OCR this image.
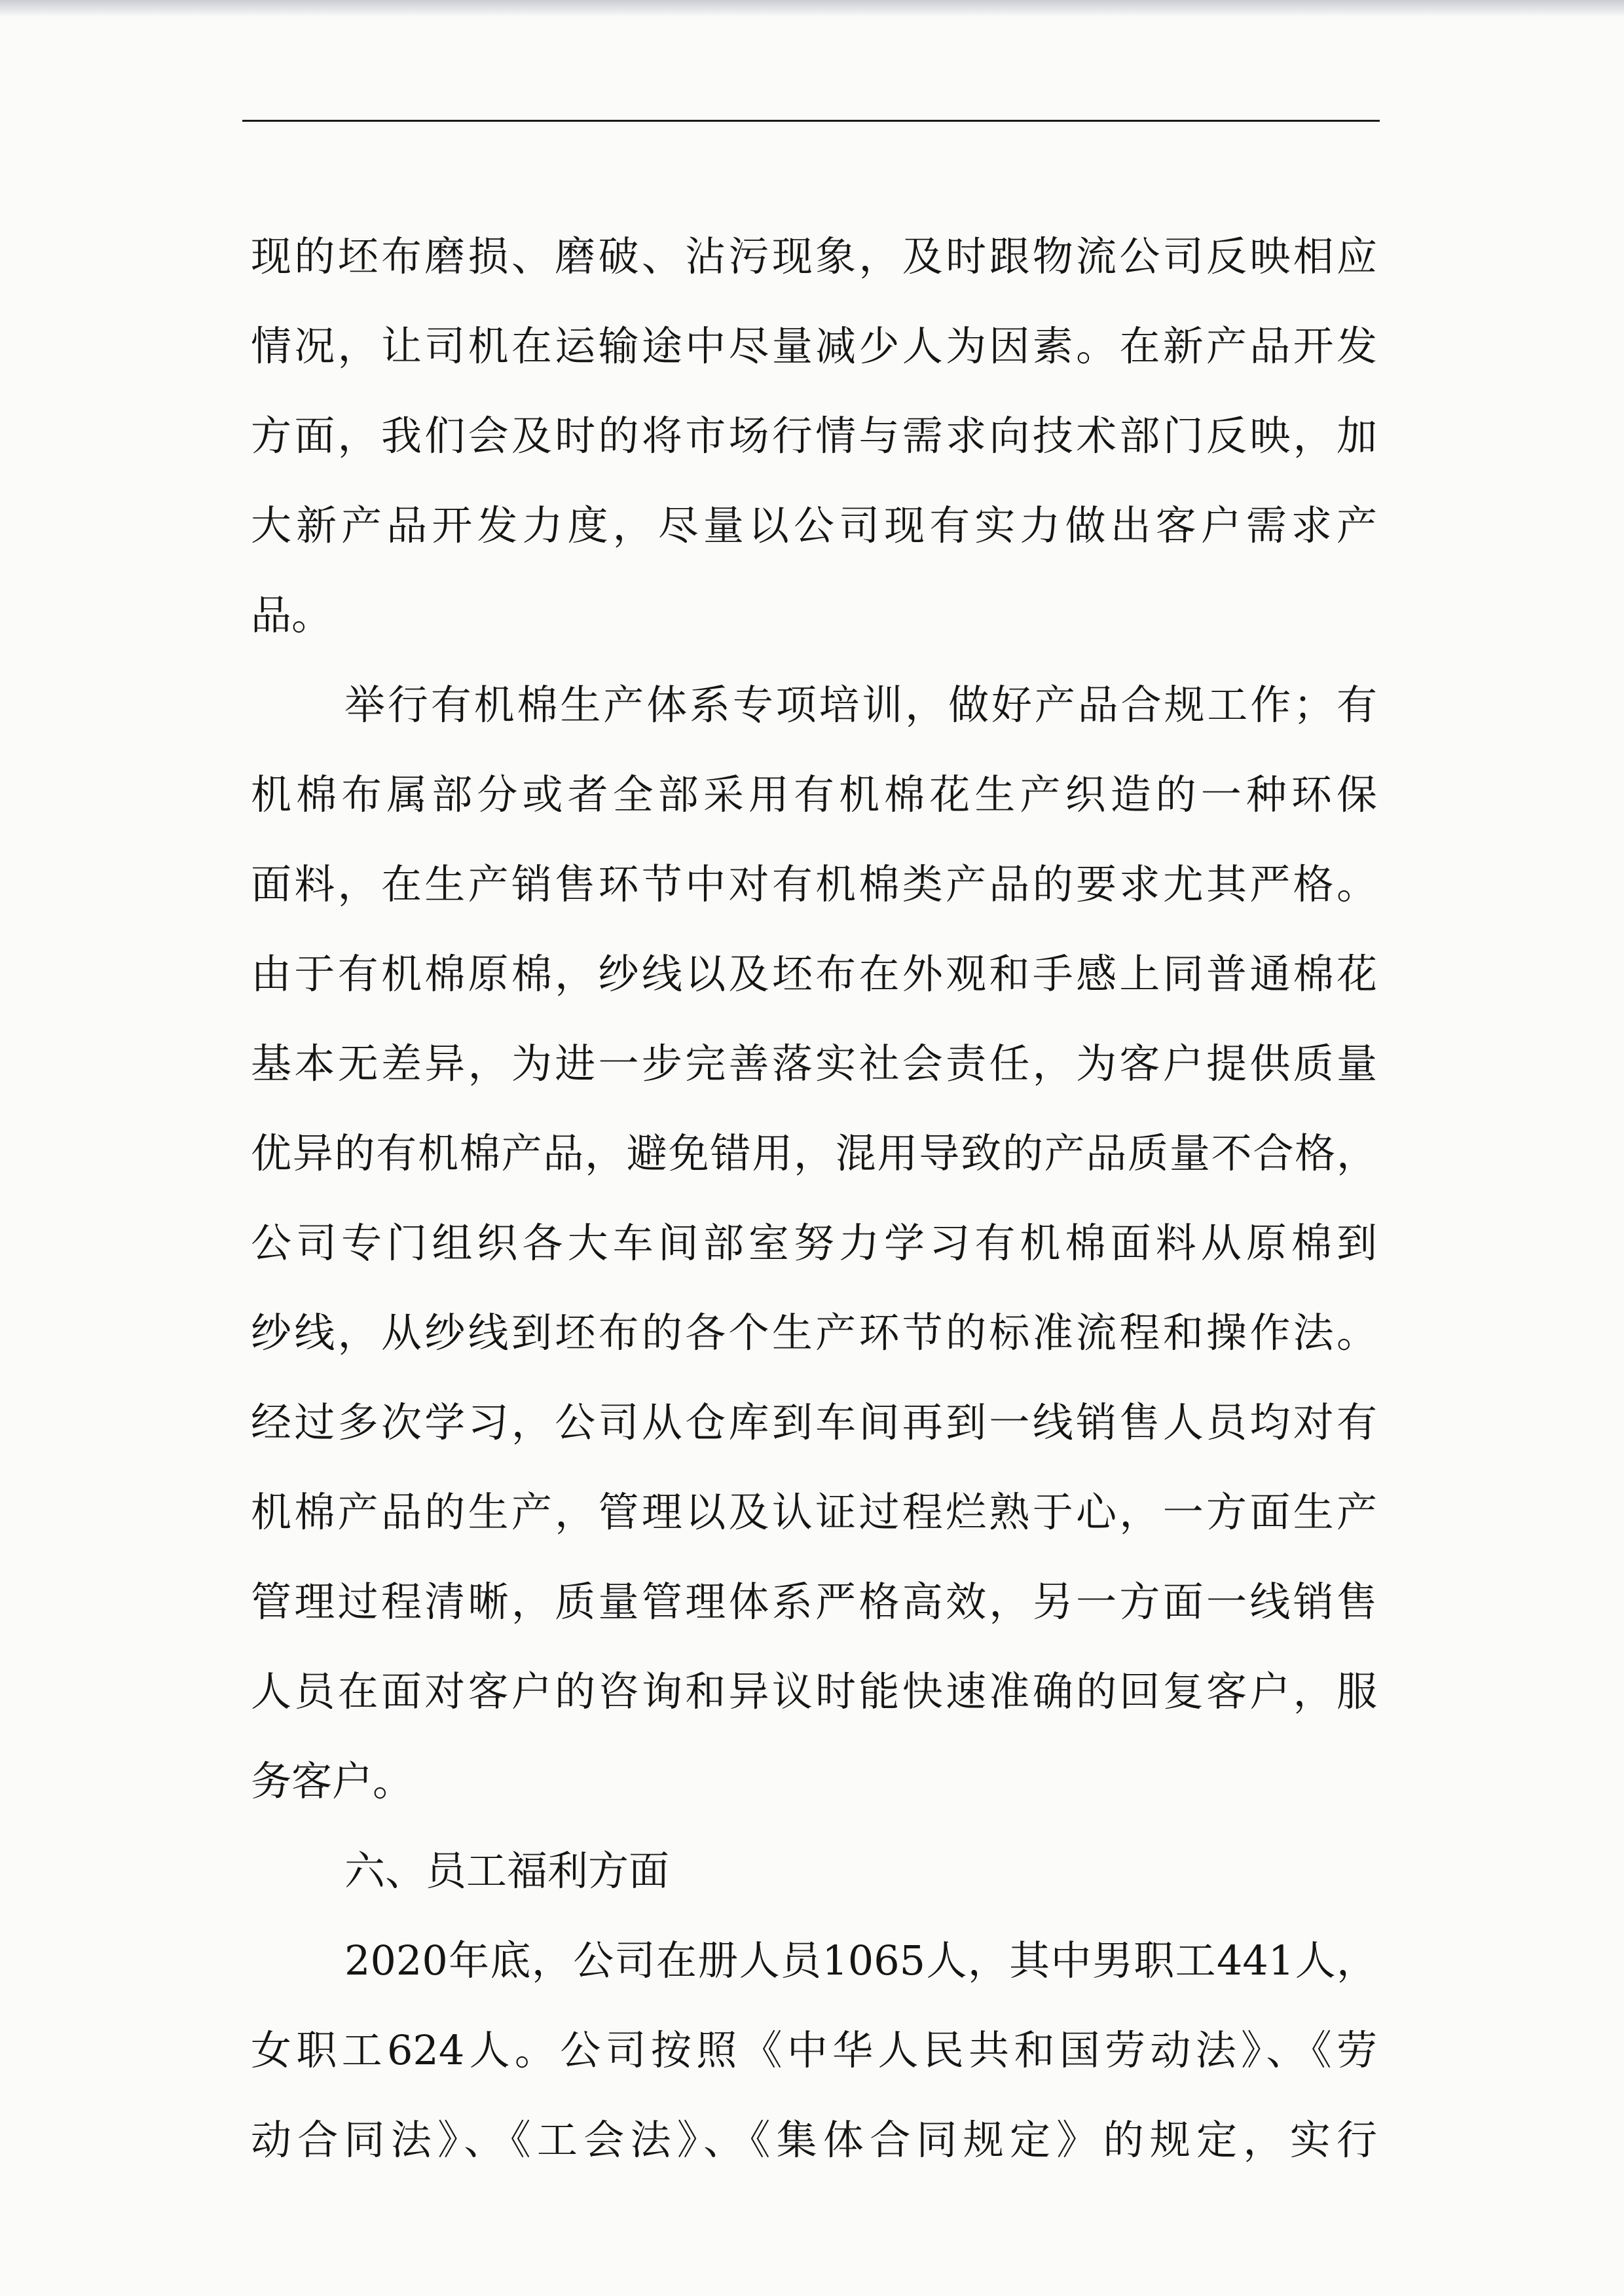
现的坯布磨损、磨破、沾污现象，及时跟物流公司反映相应
情况，让司机在运输途中尽量减少人为因素。在新产品开发
方面，我们会及时的将市场行情与需求向技术部门反映，加
大新产品开发力度，尽量以公司现有实力做出客户需求产
品。
举行有机棉生产体系专项培训，做好产品合规工作；有
机棉布属部分或者全部采用有机棉花生产织造的一种环保
面料，在生产销售环节中对有机棉类产品的要求尤其严格。
由于有机棉原棉，纱线以及坯布在外观和手感上同普通棉花
基本无差异，为进一步完善落实社会责任，为客户提供质量
优异的有机棉产品，避免错用，混用导致的产品质量不合格，
公司专门组织各大车间部室努力学习有机棉面料从原棉到
纱线，从纱线到坯布的各个生产环节的标准流程和操作法。
经过多次学习，公司从仓库到车间再到一线销售人员均对有
机棉产品的生产，管理以及认证过程烂熟于心，一方面生产
管理过程清晰，质量管理体系严格高效，另一方面一线销售
人员在面对客户的咨询和异议时能快速准确的回复客户，服
务客户。
六、员工福利方面
2020年底，公司在册人员1065人，其中男职工441人，
女职工624人。公司按照《中华人民共和国劳动法》、《劳
动合同法》、《工会法》、《集体合同规定》的规定，实行
